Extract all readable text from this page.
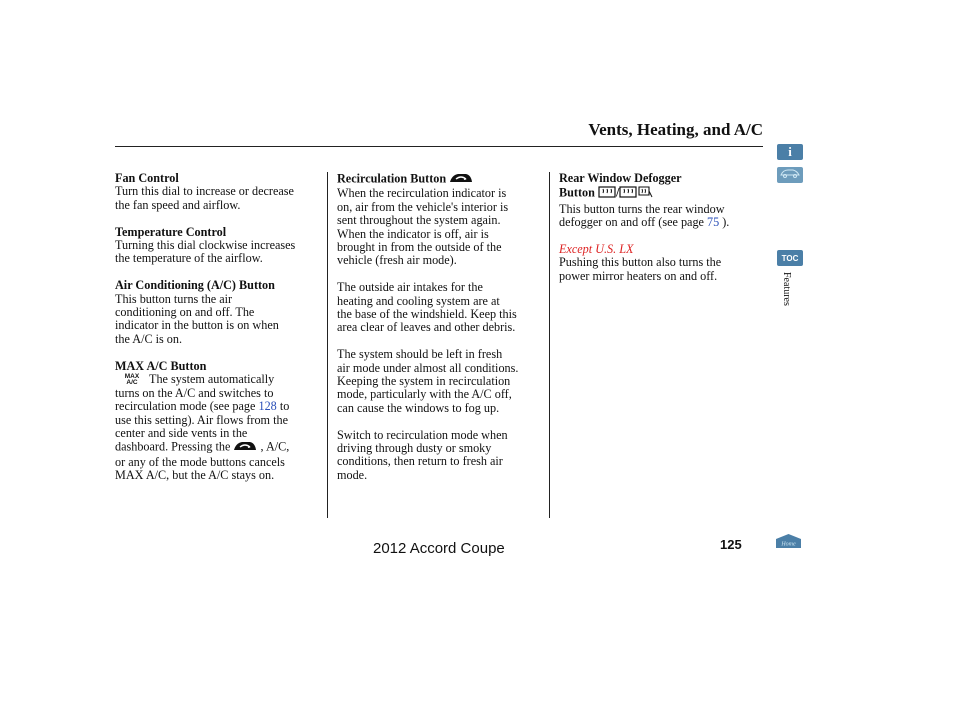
Vents, Heating, and A/C

Fan Control

Turn this dial to increase or decrease

the fan speed and airflow.

Temperature Control

Turning this dial clockwise increases

the temperature of the airflow.

Air Conditioning (A/C) Button

This button turns the air

conditioning on and off. The

indicator in the button is on when

the A/C is on.

MAX A/C Button

MAX
A/C The system automatically

turns on the A/C and switches to

recirculation mode (see page 128 to

use this setting). Air flows from the

center and side vents in the

dashboard. Pressing the  , A/C,

or any of the mode buttons cancels

MAX A/C, but the A/C stays on.

Recirculation Button

When the recirculation indicator is

on, air from the vehicle's interior is

sent throughout the system again.

When the indicator is off, air is

brought in from the outside of the

vehicle (fresh air mode).

The outside air intakes for the

heating and cooling system are at

the base of the windshield. Keep this

area clear of leaves and other debris.

The system should be left in fresh

air mode under almost all conditions.

Keeping the system in recirculation

mode, particularly with the A/C off,

can cause the windows to fog up.

Switch to recirculation mode when

driving through dusty or smoky

conditions, then return to fresh air

mode.

Rear Window Defogger

Button /

This button turns the rear window

defogger on and off (see page 75 ).

Except U.S. LX

Pushing this button also turns the

power mirror heaters on and off.

i
TOC
Features
2012 Accord Coupe	125	Home
